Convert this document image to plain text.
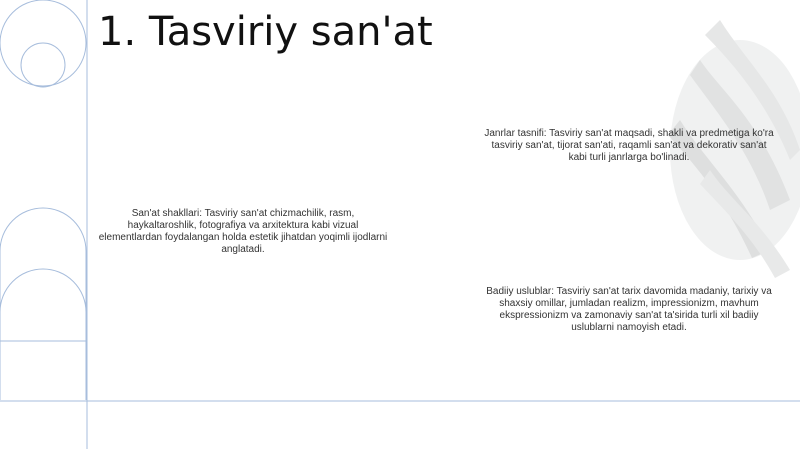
1. Tasviriy san'at
San'at shakllari: Tasviriy san'at chizmachilik, rasm, haykaltaroshlik, fotografiya va arxitektura kabi vizual elementlardan foydalangan holda estetik jihatdan yoqimli ijodlarni anglatadi.
Janrlar tasnifi: Tasviriy san'at maqsadi, shakli va predmetiga ko'ra tasviriy san'at, tijorat san'ati, raqamli san'at va dekorativ san'at kabi turli janrlarga bo'linadi.
Badiiy uslublar: Tasviriy san'at tarix davomida madaniy, tarixiy va shaxsiy omillar, jumladan realizm, impressionizm, mavhum ekspressionizm va zamonaviy san'at ta'sirida turli xil badiiy uslublarni namoyish etadi.
